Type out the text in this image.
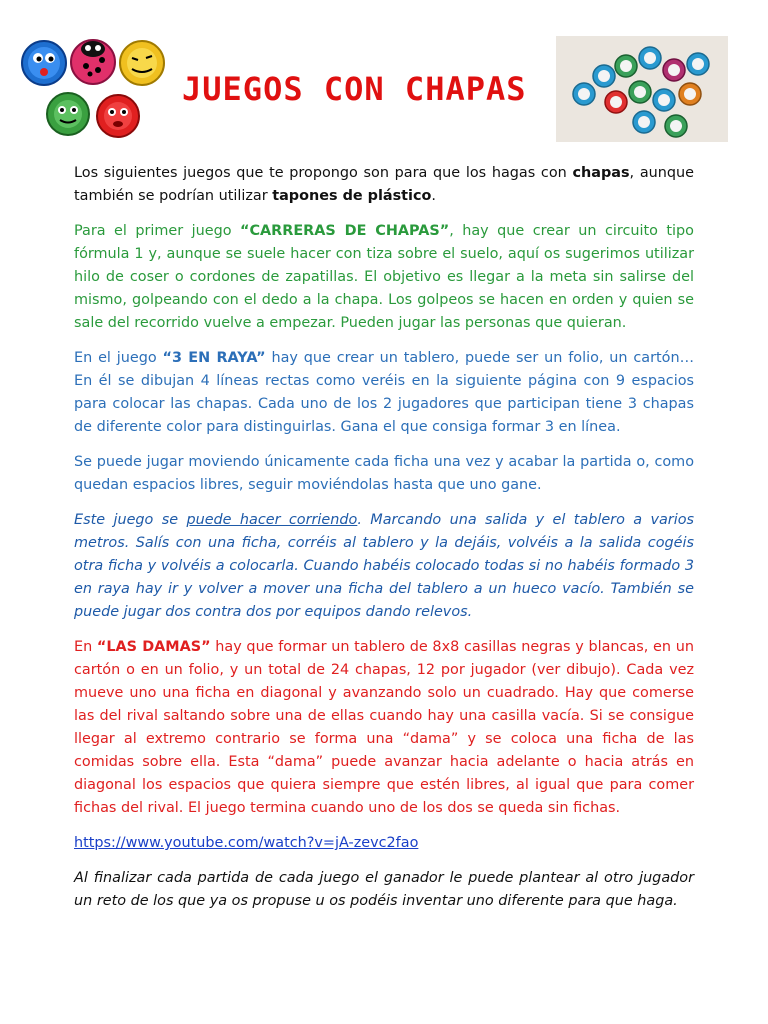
JUEGOS CON CHAPAS

Los siguientes juegos que te propongo son para que los hagas con chapas, aunque también se podrían utilizar tapones de plástico.

Para el primer juego “CARRERAS DE CHAPAS”, hay que crear un circuito tipo fórmula 1 y, aunque se suele hacer con tiza sobre el suelo, aquí os sugerimos utilizar hilo de coser o cordones de zapatillas. El objetivo es llegar a la meta sin salirse del mismo, golpeando con el dedo a la chapa. Los golpeos se hacen en orden y quien se sale del recorrido vuelve a empezar. Pueden jugar las personas que quieran.

En el juego “3 EN RAYA” hay que crear un tablero, puede ser un folio, un cartón… En él se dibujan 4 líneas rectas como veréis en la siguiente página con 9 espacios para colocar las chapas. Cada uno de los 2 jugadores que participan tiene 3 chapas de diferente color para distinguirlas. Gana el que consiga formar 3 en línea.

Se puede jugar moviendo únicamente cada ficha una vez y acabar la partida o, como quedan espacios libres, seguir moviéndolas hasta que uno gane.

Este juego se puede hacer corriendo. Marcando una salida y el tablero a varios metros. Salís con una ficha, corréis al tablero y la dejáis, volvéis a la salida cogéis otra ficha y volvéis a colocarla. Cuando habéis colocado todas si no habéis formado 3 en raya hay ir y volver a mover una ficha del tablero a un hueco vacío. También se puede jugar dos contra dos por equipos dando relevos.

En “LAS DAMAS” hay que formar un tablero de 8x8 casillas negras y blancas, en un cartón o en un folio, y un total de 24 chapas, 12 por jugador (ver dibujo). Cada vez mueve uno una ficha en diagonal y avanzando solo un cuadrado. Hay que comerse las del rival saltando sobre una de ellas cuando hay una casilla vacía. Si se consigue llegar al extremo contrario se forma una “dama” y se coloca una ficha de las comidas sobre ella. Esta “dama” puede avanzar hacia adelante o hacia atrás en diagonal los espacios que quiera siempre que estén libres, al igual que para comer fichas del rival. El juego termina cuando uno de los dos se queda sin fichas.

https://www.youtube.com/watch?v=jA-zevc2fao

Al finalizar cada partida de cada juego el ganador le puede plantear al otro jugador un reto de los que ya os propuse u os podéis inventar uno diferente para que haga.
